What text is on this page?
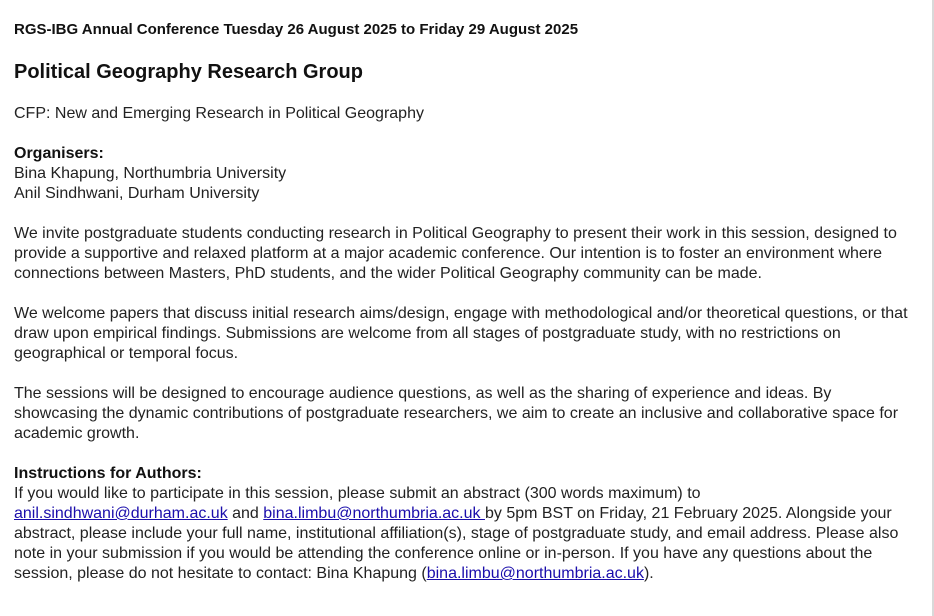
RGS-IBG Annual Conference Tuesday 26 August 2025 to Friday 29 August 2025

Political Geography Research Group

CFP: New and Emerging Research in Political Geography

Organisers:
Bina Khapung, Northumbria University
Anil Sindhwani, Durham University

We invite postgraduate students conducting research in Political Geography to present their work in this session, designed to provide a supportive and relaxed platform at a major academic conference. Our intention is to foster an environment where connections between Masters, PhD students, and the wider Political Geography community can be made.

We welcome papers that discuss initial research aims/design, engage with methodological and/or theoretical questions, or that draw upon empirical findings. Submissions are welcome from all stages of postgraduate study, with no restrictions on geographical or temporal focus.

The sessions will be designed to encourage audience questions, as well as the sharing of experience and ideas. By showcasing the dynamic contributions of postgraduate researchers, we aim to create an inclusive and collaborative space for academic growth.

Instructions for Authors:
If you would like to participate in this session, please submit an abstract (300 words maximum) to
anil.sindhwani@durham.ac.uk and bina.limbu@northumbria.ac.uk by 5pm BST on Friday, 21 February 2025. Alongside your abstract, please include your full name, institutional affiliation(s), stage of postgraduate study, and email address. Please also note in your submission if you would be attending the conference online or in-person. If you have any questions about the session, please do not hesitate to contact: Bina Khapung (bina.limbu@northumbria.ac.uk).
